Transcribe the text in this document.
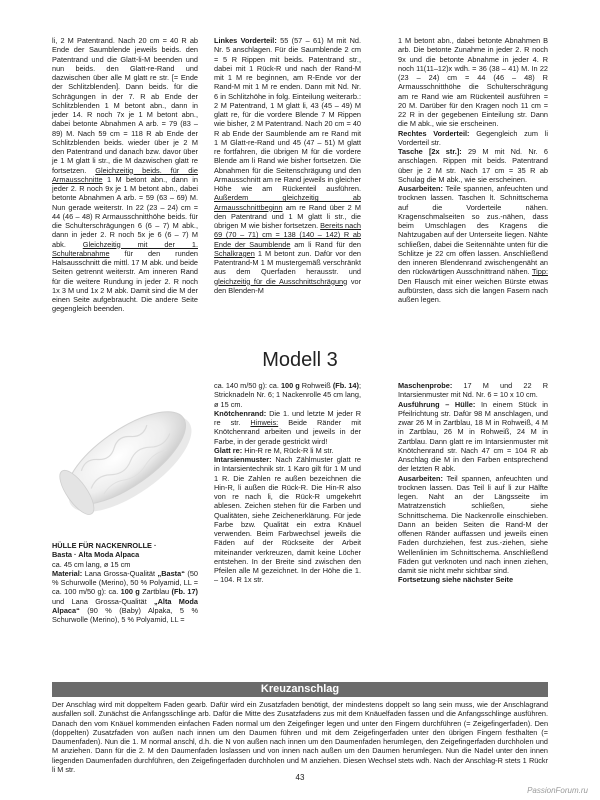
li, 2 M Patentrand. Nach 20 cm = 40 R ab Ende der Saumblende jeweils beids. den Patentrand und die Glatt-li-M beenden und nun beids. den Glatt-re-Rand und dazwischen über alle M glatt re str. [= Ende der Schlitzblenden]. Dann beids. für die Schrägungen in der 7. R ab Ende der Schlitzblenden 1 M betont abn., dann in jeder 14. R noch 7x je 1 M betont abn., dabei betonte Abnahmen A arb. = 79 (83 – 89) M. Nach 59 cm = 118 R ab Ende der Schlitzblenden beids. wieder über je 2 M den Patentrand und danach bzw. davor über je 1 M glatt li str., die M dazwischen glatt re fortsetzen. Gleichzeitig beids. für die Armausschnitte 1 M betont abn., dann in jeder 2. R noch 9x je 1 M betont abn., dabei betonte Abnahmen A arb. = 59 (63 – 69) M. Nun gerade weiterstr. In 22 (23 – 24) cm = 44 (46 – 48) R Armausschnitthöhe beids. für die Schulterschrägungen 6 (6 – 7) M abk., dann in jeder 2. R noch 5x je 6 (6 – 7) M abk. Gleichzeitig mit der 1. Schulterabnahme für den runden Halsausschnitt die mittl. 17 M abk. und beide Seiten getrennt weiterstr. Am inneren Rand für die weitere Rundung in jeder 2. R noch 1x 3 M und 1x 2 M abk. Damit sind die M der einen Seite aufgebraucht. Die andere Seite gegengleich beenden.
Linkes Vorderteil: 55 (57 – 61) M mit Nd. Nr. 5 anschlagen. Für die Saumblende 2 cm = 5 R Rippen mit beids. Patentrand str., dabei mit 1 Rück-R und nach der Rand-M mit 1 M re beginnen, am R-Ende vor der Rand-M mit 1 M re enden. Dann mit Nd. Nr. 6 in Schlitzhöhe in folg. Einteilung weiterarb.: 2 M Patentrand, 1 M glatt li, 43 (45 – 49) M glatt re, für die vordere Blende 7 M Rippen wie bisher, 2 M Patentrand. Nach 20 cm = 40 R ab Ende der Saumblende am re Rand mit 1 M Glatt-re-Rand und 45 (47 – 51) M glatt re fortfahren, die übrigen M für die vordere Blende am li Rand wie bisher fortsetzen. Die Abnahmen für die Seitenschrägung und den Armausschnitt am re Rand jeweils in gleicher Höhe wie am Rückenteil ausführen. Außerdem gleichzeitig ab Armausschnittbeginn am re Rand über 2 M den Patentrand und 1 M glatt li str., die übrigen M wie bisher fortsetzen. Bereits nach 69 (70 – 71) cm = 138 (140 – 142) R ab Ende der Saumblende am li Rand für den Schalkragen 1 M betont zun. Dafür vor den Patentrand-M 1 M mustergemäß verschränkt aus dem Querfaden herausstr. und gleichzeitig für die Ausschnittschrägung vor den Blenden-M

1 M betont abn., dabei betonte Abnahmen B arb. Die betonte Zunahme in jeder 2. R noch 9x und die betonte Abnahme in jeder 4. R noch 11(11–12)x wdh. = 36 (38 – 41) M. In 22 (23 – 24) cm = 44 (46 – 48) R Armausschnitthöhe die Schulterschrägung am re Rand wie am Rückenteil ausführen = 20 M. Darüber für den Kragen noch 11 cm = 22 R in der gegebenen Einteilung str. Dann die M abk., wie sie erscheinen.

Rechtes Vorderteil: Gegengleich zum li Vorderteil str.

Tasche [2x str.]: 29 M mit Nd. Nr. 6 anschlagen. Rippen mit beids. Patentrand über je 2 M str. Nach 17 cm = 35 R ab Schulag die M abk., wie sie erscheinen.

Ausarbeiten: Teile spannen, anfeuchten und trocknen lassen. Taschen lt. Schnittschema auf die Vorderteile nähen. Kragenschmalseiten so zus.-nähen, dass beim Umschlagen des Kragens die Nahtzugaben auf der Unterseite liegen. Nähte schließen, dabei die Seitennähte unten für die Schlitze je 22 cm offen lassen. Anschließend den inneren Blendenrand zwischengenäht an den rückwärtigen Ausschnittrand nähen. Tipp: Den Flausch mit einer weichen Bürste etwas aufbürsten, dass sich die langen Fasern nach außen legen.

Modell 3

HÜLLE FÜR NACKENROLLE ·

Basta · Alta Moda Alpaca

ca. 45 cm lang, ø 15 cm

Material: Lana Grossa-Qualität „Basta“ (50 % Schurwolle (Merino), 50 % Polyamid, LL = ca. 100 m/50 g): ca. 100 g Zartblau (Fb. 17) und Lana Grossa-Qualität „Alta Moda Alpaca“ (90 % (Baby) Alpaka, 5 % Schurwolle (Merino), 5 % Polyamid, LL =

ca. 140 m/50 g): ca. 100 g Rohweiß (Fb. 14); Stricknadeln Nr. 6; 1 Nackenrolle 45 cm lang, ø 15 cm.

Knötchenrand: Die 1. und letzte M jeder R re str. Hinweis: Beide Ränder mit Knötchenrand arbeiten und jeweils in der Farbe, in der gerade gestrickt wird!

Glatt re: Hin-R re M, Rück-R li M str.

Intarsienmuster: Nach Zählmuster glatt re in Intarsientechnik str. 1 Karo gilt für 1 M und 1 R. Die Zahlen re außen bezeichnen die Hin-R, li außen die Rück-R. Die Hin-R also von re nach li, die Rück-R umgekehrt ablesen. Zeichen stehen für die Farben und Qualitäten, siehe Zeichenerklärung. Für jede Farbe bzw. Qualität ein extra Knäuel verwenden. Beim Farbwechsel jeweils die Fäden auf der Rückseite der Arbeit miteinander verkreuzen, damit keine Löcher entstehen. In der Breite sind zwischen den Pfeilen alle M gezeichnet. In der Höhe die 1. – 104. R 1x str.

Maschenprobe: 17 M und 22 R Intarsienmuster mit Nd. Nr. 6 = 10 x 10 cm.

Ausführung – Hülle: In einem Stück in Pfeilrichtung str. Dafür 98 M anschlagen, und zwar 26 M in Zartblau, 18 M in Rohweiß, 4 M in Zartblau, 26 M in Rohweiß, 24 M in Zartblau. Dann glatt re im Intarsienmuster mit Knötchenrand str. Nach 47 cm = 104 R ab Anschlag die M in den Farben entsprechend der letzten R abk.

Ausarbeiten: Teil spannen, anfeuchten und trocknen lassen. Das Teil li auf li zur Hälfte legen. Naht an der Längsseite im Matratzenstich schließen, siehe Schnittschema. Die Nackenrolle einschieben. Dann an beiden Seiten die Rand-M der offenen Ränder auffassen und jeweils einen Faden durchziehen, fest zus.-ziehen, siehe Wellenlinien im Schnittschema. Anschließend Fäden gut verknoten und nach innen ziehen, damit sie nicht mehr sichtbar sind.

Fortsetzung siehe nächster Seite

Kreuzanschlag
Der Anschlag wird mit doppeltem Faden gearb. Dafür wird ein Zusatzfaden benötigt, der mindestens doppelt so lang sein muss, wie der Anschlagrand ausfallen soll. Zunächst die Anfangsschlinge arb. Dafür die Mitte des Zusatzfadens zus mit dem Knäuelfaden fassen und die Anfangsschlinge ausführen. Danach den vom Knäuel kommenden einfachen Faden normal um den Zeigefinger legen und unter den Fingern durchführen (= Zeigefingerfaden). Den (doppelten) Zusatzfaden von außen nach innen um den Daumen führen und mit dem Zeigefingerfaden unter den übrigen Fingern festhalten (= Daumenfaden). Nun die 1. M normal anschl, d.h. die N von außen nach innen um den Daumenfaden herumlegen, den Zeigefingerfaden durchholen und M anziehen. Dann für die 2. M den Daumenfaden loslassen und von innen nach außen um den Daumen herumlegen. Nun die Nadel unter den innen liegenden Daumenfaden durchführen, den Zeigefingerfaden durchholen und M anziehen. Diesen Wechsel stets wdh. Nach der Anschlag-R stets 1 Rückr li M str.
43
PassionForum.ru
